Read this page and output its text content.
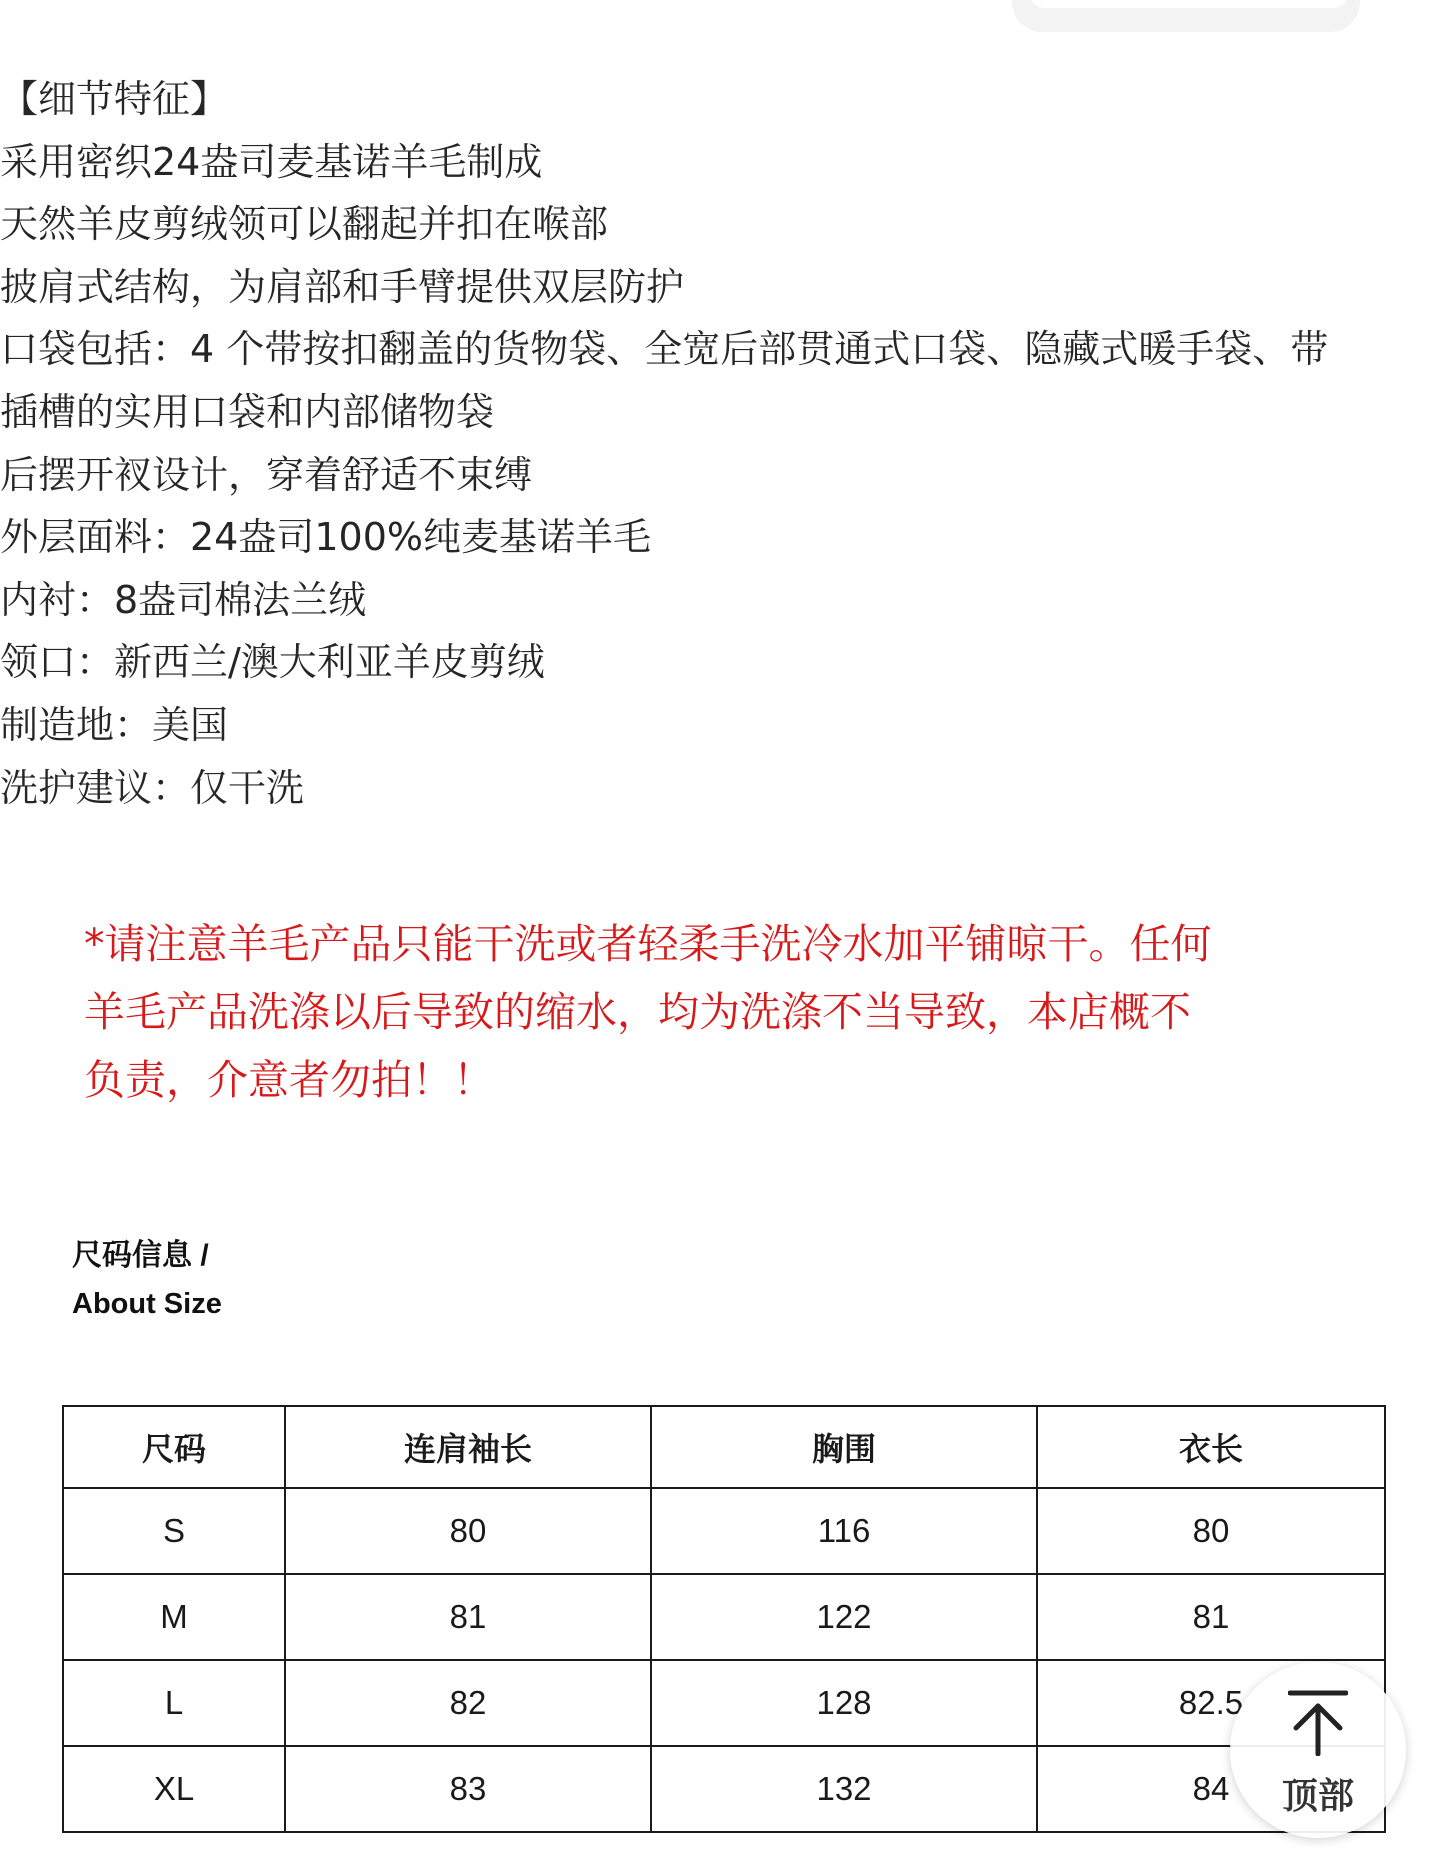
【细节特征】
采用密织24盎司麦基诺羊毛制成
天然羊皮剪绒领可以翻起并扣在喉部
披肩式结构，为肩部和手臂提供双层防护
口袋包括：4 个带按扣翻盖的货物袋、全宽后部贯通式口袋、隐藏式暖手袋、带
插槽的实用口袋和内部储物袋
后摆开衩设计，穿着舒适不束缚
外层面料：24盎司100%纯麦基诺羊毛
内衬：8盎司棉法兰绒
领口：新西兰/澳大利亚羊皮剪绒
制造地：美国
洗护建议：仅干洗
*请注意羊毛产品只能干洗或者轻柔手洗冷水加平铺晾干。任何
羊毛产品洗涤以后导致的缩水，均为洗涤不当导致，本店概不
负责，介意者勿拍！！
尺码信息 /
About Size
尺码	连肩袖长	胸围	衣长
S	80	116	80
M	81	122	81
L	82	128	82.5
XL	83	132	84	顶部
